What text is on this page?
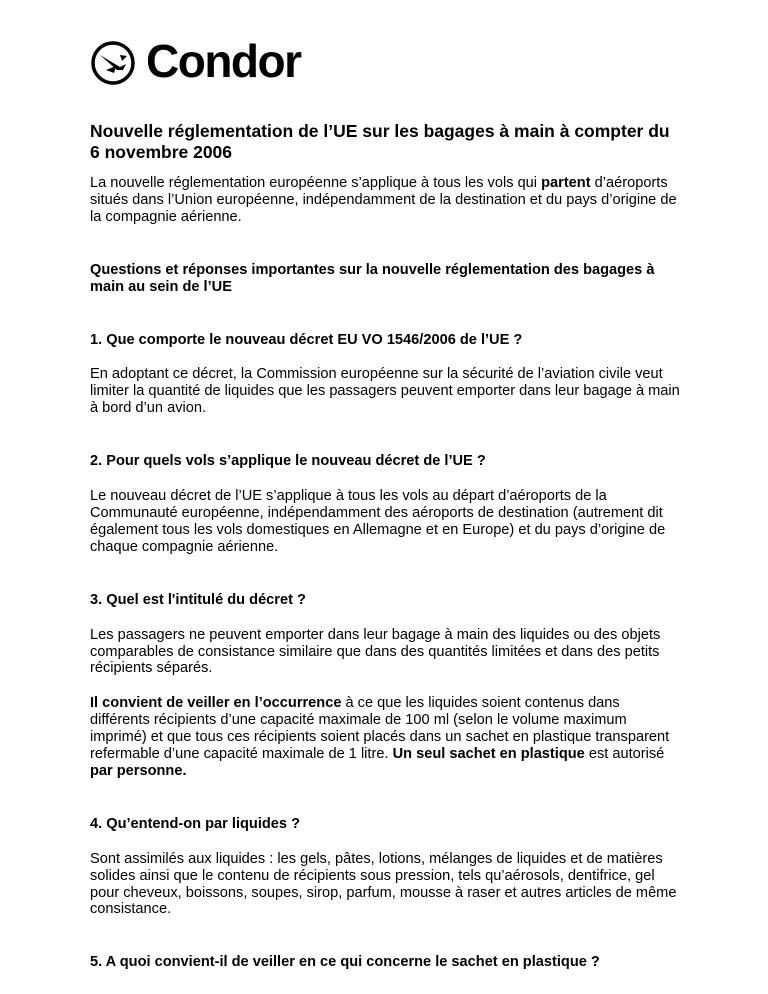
Condor
Nouvelle réglementation de l’UE sur les bagages à main à compter du 6 novembre 2006

La nouvelle réglementation européenne s’applique à tous les vols qui partent d’aéroports situés dans l’Union européenne, indépendamment de la destination et du pays d’origine de la compagnie aérienne.

Questions et réponses importantes sur la nouvelle réglementation des bagages à main au sein de l’UE
1. Que comporte le nouveau décret EU VO 1546/2006 de l’UE ?

En adoptant ce décret, la Commission européenne sur la sécurité de l’aviation civile veut limiter la quantité de liquides que les passagers peuvent emporter dans leur bagage à main à bord d’un avion.

2. Pour quels vols s’applique le nouveau décret de l’UE ?

Le nouveau décret de l’UE s’applique à tous les vols au départ d’aéroports de la Communauté européenne, indépendamment des aéroports de destination (autrement dit également tous les vols domestiques en Allemagne et en Europe) et du pays d’origine de chaque compagnie aérienne.

3. Quel est l'intitulé du décret ?

Les passagers ne peuvent emporter dans leur bagage à main des liquides ou des objets comparables de consistance similaire que dans des quantités limitées et dans des petits récipients séparés.

Il convient de veiller en l’occurrence à ce que les liquides soient contenus dans différents récipients d’une capacité maximale de 100 ml (selon le volume maximum imprimé) et que tous ces récipients soient placés dans un sachet en plastique transparent refermable d’une capacité maximale de 1 litre. Un seul sachet en plastique est autorisé par personne.

4. Qu’entend-on par liquides ?

Sont assimilés aux liquides : les gels, pâtes, lotions, mélanges de liquides et de matières solides ainsi que le contenu de récipients sous pression, tels qu’aérosols, dentifrice, gel pour cheveux, boissons, soupes, sirop, parfum, mousse à raser et autres articles de même consistance.

5. A quoi convient-il de veiller en ce qui concerne le sachet en plastique ?
